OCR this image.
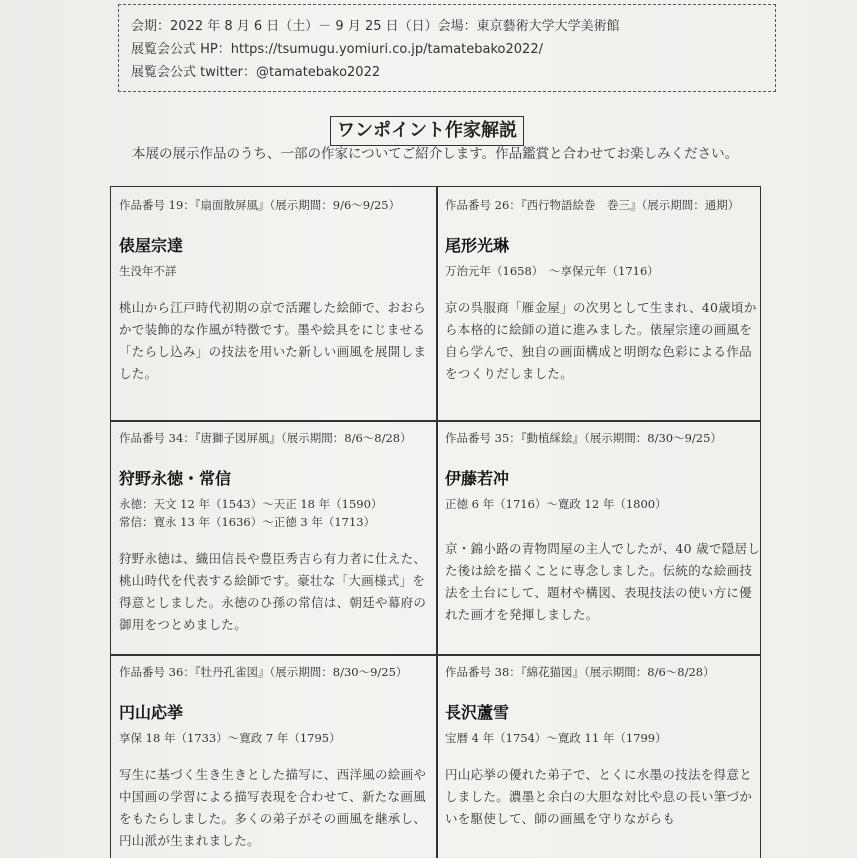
会期：2022 年 8 月 6 日（土）－ 9 月 25 日（日）会場：東京藝術大学大学美術館
展覧会公式 HP：https://tsumugu.yomiuri.co.jp/tamatebako2022/
展覧会公式 twitter：@tamatebako2022
ワンポイント作家解説
本展の展示作品のうち、一部の作家についてご紹介します。作品鑑賞と合わせてお楽しみください。
作品番号 19：『扇面散屏風』（展示期間：9/6～9/25）
俵屋宗達
生没年不詳
桃山から江戸時代初期の京で活躍した絵師で、おおらかで装飾的な作風が特徴です。墨や絵具をにじませる「たらし込み」の技法を用いた新しい画風を展開しました。
作品番号 26：『西行物語絵巻　巻三』（展示期間：通期）
尾形光琳
万治元年（1658）　～享保元年（1716）
京の呉服商「雁金屋」の次男として生まれ、40歳頃から本格的に絵師の道に進みました。俵屋宗達の画風を自ら学んで、独自の画面構成と明朗な色彩による作品をつくりだしました。
作品番号 34：『唐獅子図屏風』（展示期間：8/6～8/28）
狩野永徳・常信
永徳：天文 12 年（1543）～天正 18 年（1590）
常信：寛永 13 年（1636）～正徳 3 年（1713）
狩野永徳は、織田信長や豊臣秀吉ら有力者に仕えた、桃山時代を代表する絵師です。豪壮な「大画様式」を得意としました。永徳のひ孫の常信は、朝廷や幕府の御用をつとめました。
作品番号 35：『動植綵絵』（展示期間：8/30～9/25）
伊藤若冲
正徳 6 年（1716）～寛政 12 年（1800）
京・錦小路の青物問屋の主人でしたが、40 歳で隠居した後は絵を描くことに専念しました。伝統的な絵画技法を土台にして、題材や構図、表現技法の使い方に優れた画才を発揮しました。
作品番号 36：『牡丹孔雀図』（展示期間：8/30～9/25）
円山応挙
享保 18 年（1733）～寛政 7 年（1795）
写生に基づく生き生きとした描写に、西洋風の絵画や中国画の学習による描写表現を合わせて、新たな画風をもたらしました。多くの弟子がその画風を継承し、円山派が生まれました。
作品番号 38：『綿花猫図』（展示期間：8/6～8/28）
長沢蘆雪
宝暦 4 年（1754）～寛政 11 年（1799）
円山応挙の優れた弟子で、とくに水墨の技法を得意としました。濃墨と余白の大胆な対比や息の長い筆づかいを駆使して、師の画風を守りながらも
